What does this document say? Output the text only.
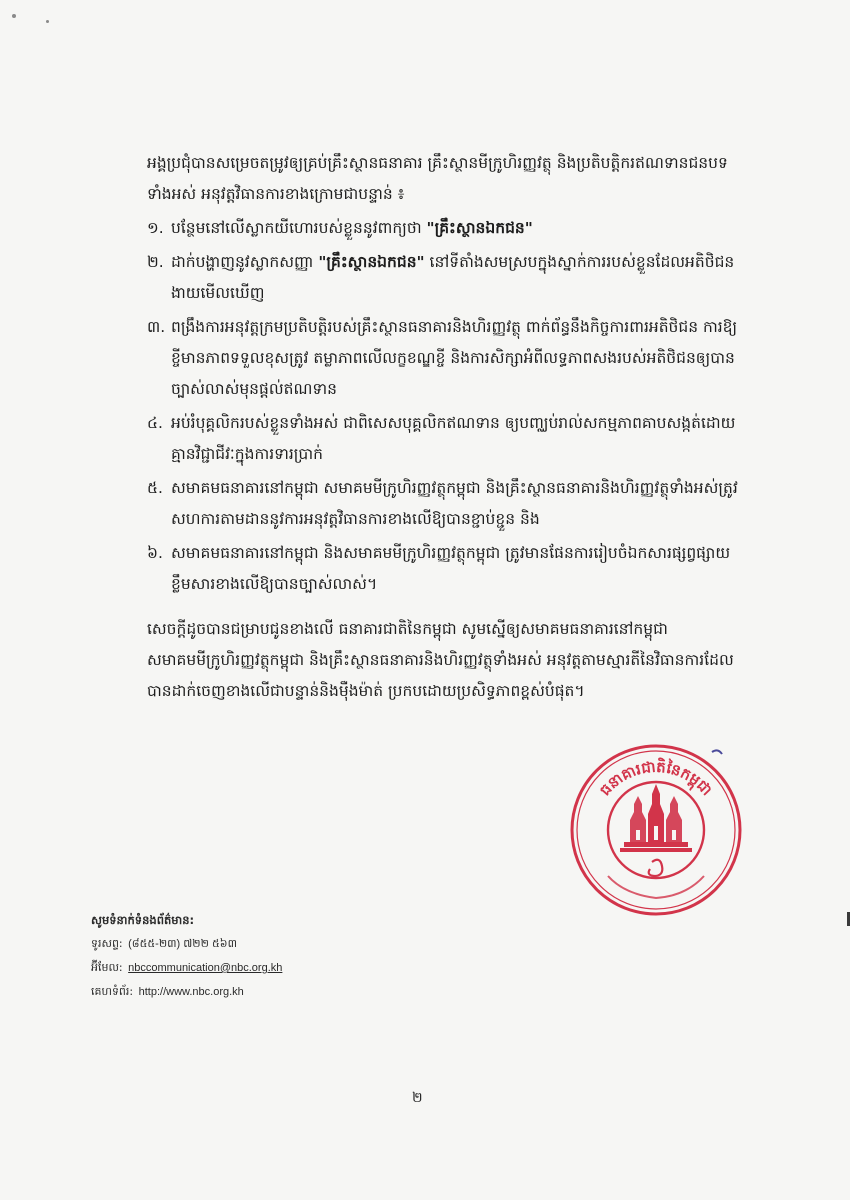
អង្គប្រជុំបានសម្រេចតម្រូវឲ្យគ្រប់គ្រឹះស្ថានធនាគារ គ្រឹះស្ថានមីក្រូហិរញ្ញវត្ថុ និងប្រតិបត្តិករឥណទានជនបទទាំងអស់ អនុវត្តវិធានការខាងក្រោមជាបន្ទាន់ ៖

១. បន្ថែមនៅលើស្លាកយីហោរបស់ខ្លួននូវពាក្យថា "គ្រឹះស្ថានឯកជន"
២. ដាក់បង្ហាញនូវស្លាកសញ្ញា "គ្រឹះស្ថានឯកជន" នៅទីតាំងសមស្របក្នុងស្នាក់ការរបស់ខ្លួនដែលអតិថិជនងាយមើលឃើញ
៣. ពង្រឹងការអនុវត្តក្រមប្រតិបត្តិរបស់គ្រឹះស្ថានធនាគារនិងហិរញ្ញវត្ថុ ពាក់ព័ន្ធនឹងកិច្ចការពារអតិថិជន ការឱ្យខ្ចីមានភាពទទួលខុសត្រូវ តម្លាភាពលើលក្ខខណ្ឌខ្ចី និងការសិក្សាអំពីលទ្ធភាពសងរបស់អតិថិជនឲ្យបានច្បាស់លាស់មុនផ្តល់ឥណទាន
៤. អប់រំបុគ្គលិករបស់ខ្លួនទាំងអស់ ជាពិសេសបុគ្គលិកឥណទាន ឲ្យបញ្ឈប់រាល់សកម្មភាពគាបសង្កត់ដោយគ្មានវិជ្ជាជីវៈក្នុងការទារប្រាក់
៥. សមាគមធនាគារនៅកម្ពុជា សមាគមមីក្រូហិរញ្ញវត្ថុកម្ពុជា និងគ្រឹះស្ថានធនាគារនិងហិរញ្ញវត្ថុទាំងអស់ត្រូវសហការតាមដាននូវការអនុវត្តវិធានការខាងលើឱ្យបានខ្ជាប់ខ្ជួន និង
៦. សមាគមធនាគារនៅកម្ពុជា និងសមាគមមីក្រូហិរញ្ញវត្ថុកម្ពុជា ត្រូវមានផែនការរៀបចំឯកសារផ្សព្វផ្សាយខ្លឹមសារខាងលើឱ្យបានច្បាស់លាស់។

សេចក្ដីដូចបានជម្រាបជូនខាងលើ ធនាគារជាតិនៃកម្ពុជា សូមស្នើឲ្យសមាគមធនាគារនៅកម្ពុជា សមាគមមីក្រូហិរញ្ញវត្ថុកម្ពុជា និងគ្រឹះស្ថានធនាគារនិងហិរញ្ញវត្ថុទាំងអស់ អនុវត្តតាមស្មារតីនៃវិធានការដែលបានដាក់ចេញខាងលើជាបន្ទាន់និងម៉ឺងម៉ាត់ ប្រកបដោយប្រសិទ្ធភាពខ្ពស់បំផុត។

ធនាគារជាតិនៃកម្ពុជា
សូមទំនាក់ទំនងព័ត៌មាន:
ទូរសព្ទ: (៨៥៥-២៣) ៧២២ ៥៦៣
អ៊ីមែល: nbccommunication@nbc.org.kh
គេហទំព័រ: http://www.nbc.org.kh
២
